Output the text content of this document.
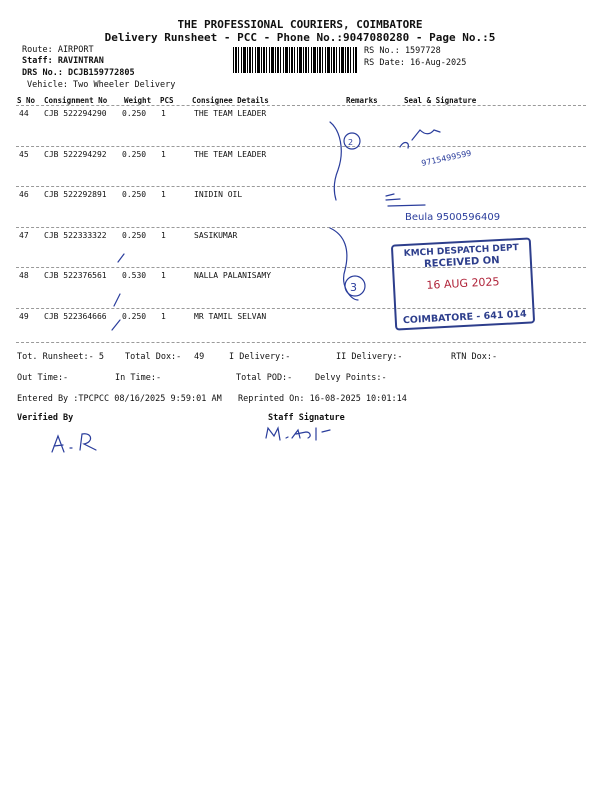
THE PROFESSIONAL COURIERS, COIMBATORE
Delivery Runsheet - PCC - Phone No.:9047080280 - Page No.:5
Route: AIRPORT
Staff: RAVINTRAN
DRS No.: DCJB159772805
Vehicle: Two Wheeler Delivery
RS No.: 1597728
RS Date: 16-Aug-2025
S No Consignment No Weight PCS Consignee Details	Remarks	Seal & Signature
44 CJB 522294290 0.250 1	THE TEAM LEADER
45 CJB 522294292 0.250 1	THE TEAM LEADER
46 CJB 522292891 0.250 1	INIDIN OIL
47 CJB 522333322 0.250 1	SASIKUMAR
48 CJB 522376561 0.530 1	NALLA PALANISAMY
49 CJB 522364666 0.250 1	MR TAMIL SELVAN
9715499599
Beula 9500596409
2
3
KMCH DESPATCH DEPT
RECEIVED ON
16 AUG 2025
COIMBATORE - 641 014
Tot. Runsheet:- 5 Total Dox:- 49	I Delivery:-	II Delivery:-	RTN Dox:-
Out Time:-	In Time:-	Total POD:-	Delvy Points:-
Entered By :TPCPCC 08/16/2025 9:59:01 AM Reprinted On: 16-08-2025 10:01:14
Verified By	Staff Signature
